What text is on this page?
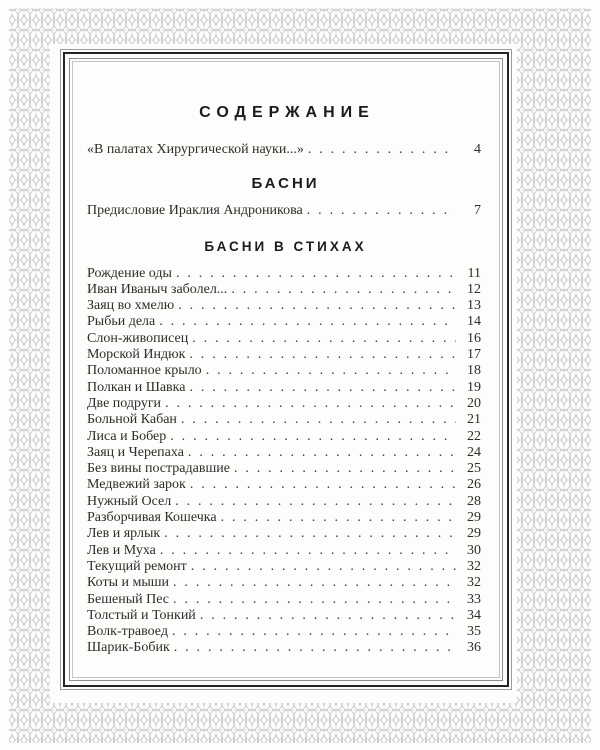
СОДЕРЖАНИЕ
«В палатах Хирургической науки...» . . .	4
БАСНИ
Предисловие Ираклия Андроникова . . .	7
БАСНИ В СТИХАХ
Рождение оды . . .	11
Иван Иваныч заболел... . . .	12
Заяц во хмелю . . .	13
Рыбьи дела . . .	14
Слон-живописец . . .	16
Морской Индюк . . .	17
Поломанное крыло . . .	18
Полкан и Шавка . . .	19
Две подруги . . .	20
Больной Кабан . . .	21
Лиса и Бобер . . .	22
Заяц и Черепаха . . .	24
Без вины пострадавшие . . .	25
Медвежий зарок . . .	26
Нужный Осел . . .	28
Разборчивая Кошечка . . .	29
Лев и ярлык . . .	29
Лев и Муха . . .	30
Текущий ремонт . . .	32
Коты и мыши . . .	32
Бешеный Пес . . .	33
Толстый и Тонкий . . .	34
Волк-травоед . . .	35
Шарик-Бобик . . .	36
